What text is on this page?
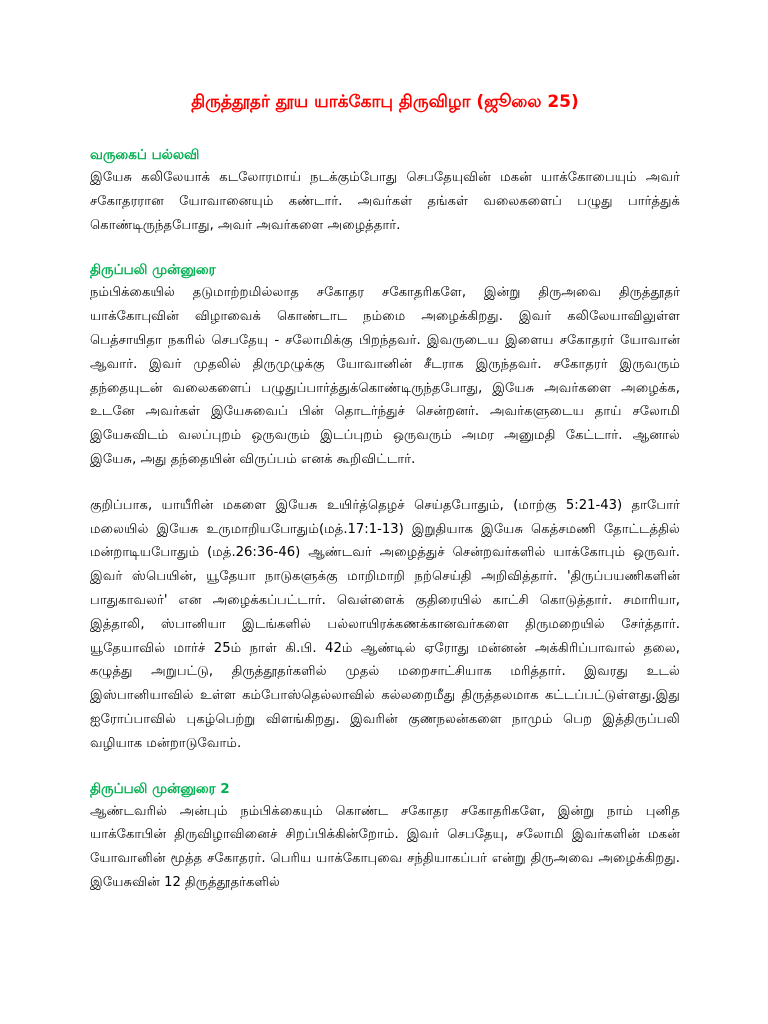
திருத்தூதர் தூய யாக்கோபு திருவிழா (ஜூலை 25)
வருகைப் பல்லவி

இயேசு கலிலேயாக் கடலோரமாய் நடக்கும்போது செபதேயுவின் மகன் யாக்கோபையும் அவர் சகோதரரான யோவானையும் கண்டார். அவர்கள் தங்கள் வலைகளைப் பழுது பார்த்துக் கொண்டிருந்தபோது, அவர் அவர்களை அழைத்தார்.

திருப்பலி முன்னுரை

நம்பிக்கையில் தடுமாற்றமில்லாத சகோதர சகோதரிகளே, இன்று திருஅவை திருத்தூதர் யாக்கோபுவின் விழாவைக் கொண்டாட நம்மை அழைக்கிறது. இவர் கலிலேயாவிலுள்ள பெத்சாயிதா நகரில் செபதேயு - சலோமிக்கு பிறந்தவர். இவருடைய இளைய சகோதரர் யோவான் ஆவார். இவர் முதலில் திருமுழுக்கு யோவானின் சீடராக இருந்தவர். சகோதரர் இருவரும் தந்தையுடன் வலைகளைப் பழுதுப்பார்த்துக்கொண்டிருந்தபோது, இயேசு அவர்களை அழைக்க, உடனே அவர்கள் இயேசுவைப் பின் தொடர்ந்துச் சென்றனர். அவர்களுடைய தாய் சலோமி இயேசுவிடம் வலப்புறம் ஒருவரும் இடப்புறம் ஒருவரும் அமர அனுமதி கேட்டார். ஆனால் இயேசு, அது தந்தையின் விருப்பம் எனக் கூறிவிட்டார்.

குறிப்பாக, யாயீரின் மகளை இயேசு உயிர்த்தெழச் செய்தபோதும், (மாற்கு 5:21-43) தாபோர் மலையில் இயேசு உருமாறியபோதும்(மத்.17:1-13) இறுதியாக இயேசு கெத்சமணி தோட்டத்தில் மன்றாடியபோதும் (மத்.26:36-46) ஆண்டவர் அழைத்துச் சென்றவர்களில் யாக்கோபும் ஒருவர். இவர் ஸ்பெயின், யூதேயா நாடுகளுக்கு மாறிமாறி நற்செய்தி அறிவித்தார். 'திருப்பயணிகளின் பாதுகாவலர்' என அழைக்கப்பட்டார். வெள்ளைக் குதிரையில் காட்சி கொடுத்தார். சமாரியா, இத்தாலி, ஸ்பானியா இடங்களில் பல்லாயிரக்கணக்கானவர்களை திருமறையில் சேர்த்தார். யூதேயாவில் மார்ச் 25ம் நாள் கி.பி. 42ம் ஆண்டில் ஏரோது மன்னன் அக்கிரிப்பாவால் தலை, கழுத்து அறுபட்டு, திருத்தூதர்களில் முதல் மறைசாட்சியாக மரித்தார். இவரது உடல் இஸ்பானியாவில் உள்ள கம்போஸ்தெல்லாவில் கல்லறைமீது திருத்தலமாக கட்டப்பட்டுள்ளது.இது ஐரோப்பாவில் புகழ்பெற்று விளங்கிறது. இவரின் குணநலன்களை நாமும் பெற இத்திருப்பலி வழியாக மன்றாடுவோம்.

திருப்பலி முன்னுரை 2

ஆண்டவரில் அன்பும் நம்பிக்கையும் கொண்ட சகோதர சகோதரிகளே, இன்று நாம் புனித யாக்கோபின் திருவிழாவினைச் சிறப்பிக்கின்றோம். இவர் செபதேயு, சலோமி இவர்களின் மகன் யோவானின் மூத்த சகோதரர். பெரிய யாக்கோபுவை சந்தியாகப்பர் என்று திருஅவை அழைக்கிறது. இயேசுவின் 12 திருத்தூதர்களில்
